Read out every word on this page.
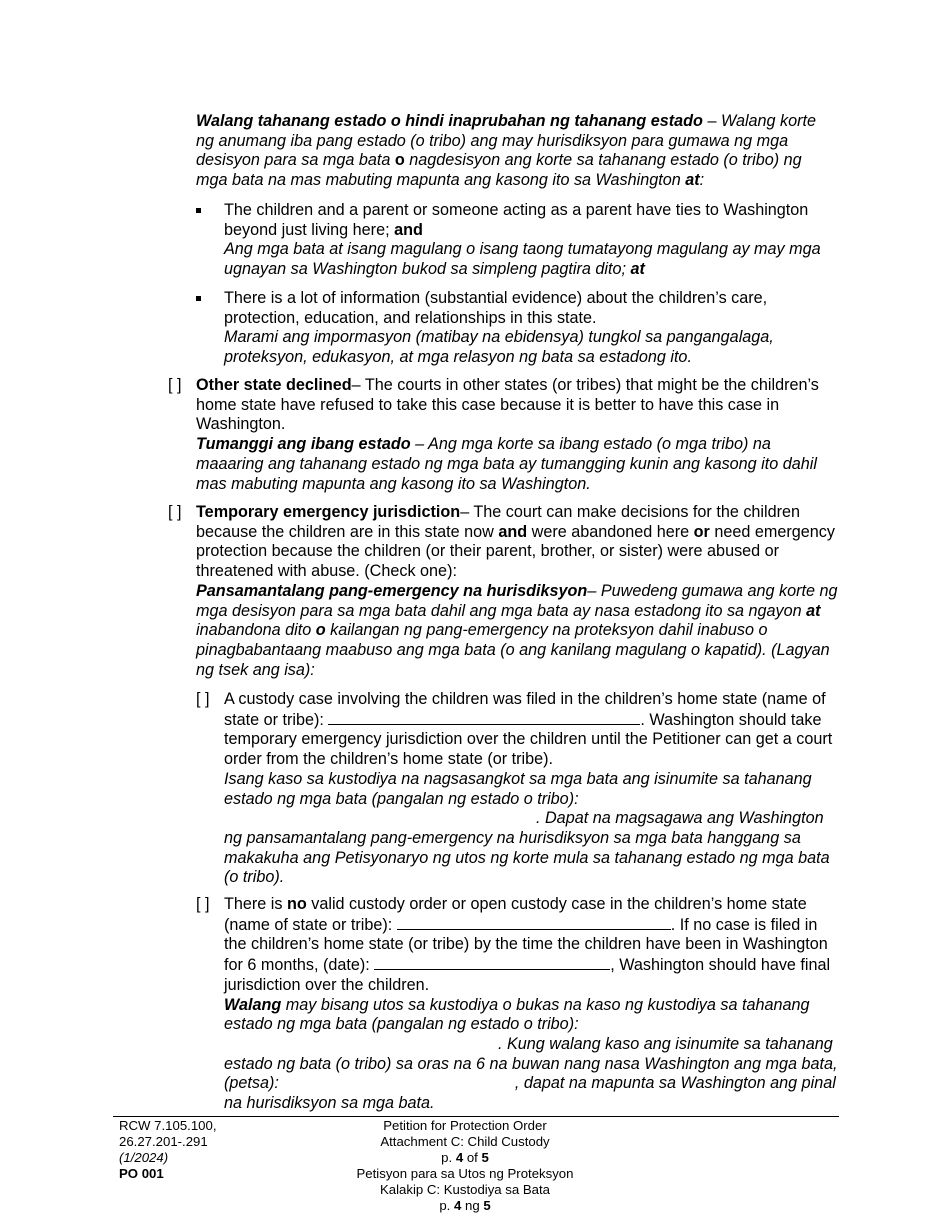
Walang tahanang estado o hindi inaprubahan ng tahanang estado – Walang korte ng anumang iba pang estado (o tribo) ang may hurisdiksyon para gumawa ng mga desisyon para sa mga bata o nagdesisyon ang korte sa tahanang estado (o tribo) ng mga bata na mas mabuting mapunta ang kasong ito sa Washington at:
The children and a parent or someone acting as a parent have ties to Washington beyond just living here; and
Ang mga bata at isang magulang o isang taong tumatayong magulang ay may mga ugnayan sa Washington bukod sa simpleng pagtira dito; at
There is a lot of information (substantial evidence) about the children’s care, protection, education, and relationships in this state.
Marami ang impormasyon (matibay na ebidensya) tungkol sa pangangalaga, proteksyon, edukasyon, at mga relasyon ng bata sa estadong ito.
[ ] Other state declined– The courts in other states (or tribes) that might be the children’s home state have refused to take this case because it is better to have this case in Washington.
Tumanggi ang ibang estado – Ang mga korte sa ibang estado (o mga tribo) na maaaring ang tahanang estado ng mga bata ay tumangging kunin ang kasong ito dahil mas mabuting mapunta ang kasong ito sa Washington.
[ ] Temporary emergency jurisdiction– The court can make decisions for the children because the children are in this state now and were abandoned here or need emergency protection because the children (or their parent, brother, or sister) were abused or threatened with abuse. (Check one):
Pansamantalang pang-emergency na hurisdiksyon– Puwedeng gumawa ang korte ng mga desisyon para sa mga bata dahil ang mga bata ay nasa estadong ito sa ngayon at inabandona dito o kailangan ng pang-emergency na proteksyon dahil inabuso o pinagbabantaang maabuso ang mga bata (o ang kanilang magulang o kapatid). (Lagyan ng tsek ang isa):
[ ] A custody case involving the children was filed in the children’s home state (name of state or tribe):	. Washington should take temporary emergency jurisdiction over the children until the Petitioner can get a court order from the children’s home state (or tribe).
Isang kaso sa kustodiya na nagsasangkot sa mga bata ang isinumite sa tahanang estado ng mga bata (pangalan ng estado o tribo):. Dapat na magsagawa ang Washington ng pansamantalang pang-emergency na hurisdiksyon sa mga bata hanggang sa makakuha ang Petisyonaryo ng utos ng korte mula sa tahanang estado ng mga bata (o tribo).
[ ] There is no valid custody order or open custody case in the children’s home state (name of state or tribe):	. If no case is filed in the children’s home state (or tribe) by the time the children have been in Washington for 6 months, (date):	, Washington should have final jurisdiction over the children.
Walang may bisang utos sa kustodiya o bukas na kaso ng kustodiya sa tahanang estado ng mga bata (pangalan ng estado o tribo):. Kung walang kaso ang isinumite sa tahanang estado ng bata (o tribo) sa oras na 6 na buwan nang nasa Washington ang mga bata, (petsa):	, dapat na mapunta sa Washington ang pinal na hurisdiksyon sa mga bata.
RCW 7.105.100,
26.27.201-.291
(1/2024)
PO 001
Petition for Protection Order
Attachment C: Child Custody
p. 4 of 5
Petisyon para sa Utos ng Proteksyon
Kalakip C: Kustodiya sa Bata
p. 4 ng 5
